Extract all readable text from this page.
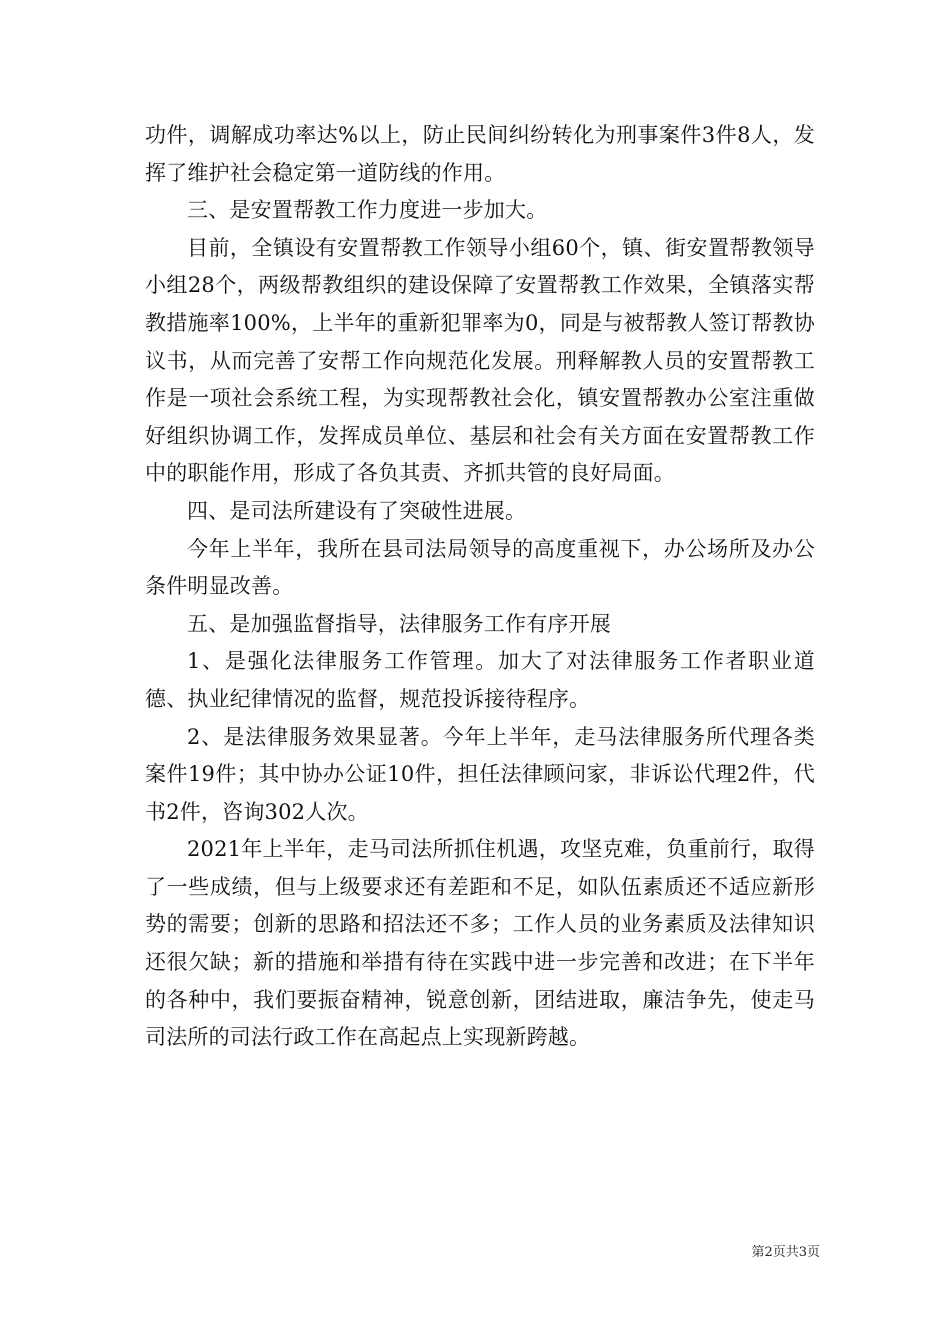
功件，调解成功率达%以上，防止民间纠纷转化为刑事案件3件8人，发挥了维护社会稳定第一道防线的作用。

三、是安置帮教工作力度进一步加大。

目前，全镇设有安置帮教工作领导小组60个，镇、街安置帮教领导小组28个，两级帮教组织的建设保障了安置帮教工作效果，全镇落实帮教措施率100%，上半年的重新犯罪率为0，同是与被帮教人签订帮教协议书，从而完善了安帮工作向规范化发展。刑释解教人员的安置帮教工作是一项社会系统工程，为实现帮教社会化，镇安置帮教办公室注重做好组织协调工作，发挥成员单位、基层和社会有关方面在安置帮教工作中的职能作用，形成了各负其责、齐抓共管的良好局面。

四、是司法所建设有了突破性进展。

今年上半年，我所在县司法局领导的高度重视下，办公场所及办公条件明显改善。

五、是加强监督指导，法律服务工作有序开展

1、是强化法律服务工作管理。加大了对法律服务工作者职业道德、执业纪律情况的监督，规范投诉接待程序。

2、是法律服务效果显著。今年上半年，走马法律服务所代理各类案件19件；其中协办公证10件，担任法律顾问家，非诉讼代理2件，代书2件，咨询302人次。

2021年上半年，走马司法所抓住机遇，攻坚克难，负重前行，取得了一些成绩，但与上级要求还有差距和不足，如队伍素质还不适应新形势的需要；创新的思路和招法还不多；工作人员的业务素质及法律知识还很欠缺；新的措施和举措有待在实践中进一步完善和改进；在下半年的各种中，我们要振奋精神，锐意创新，团结进取，廉洁争先，使走马司法所的司法行政工作在高起点上实现新跨越。

第2页共3页
